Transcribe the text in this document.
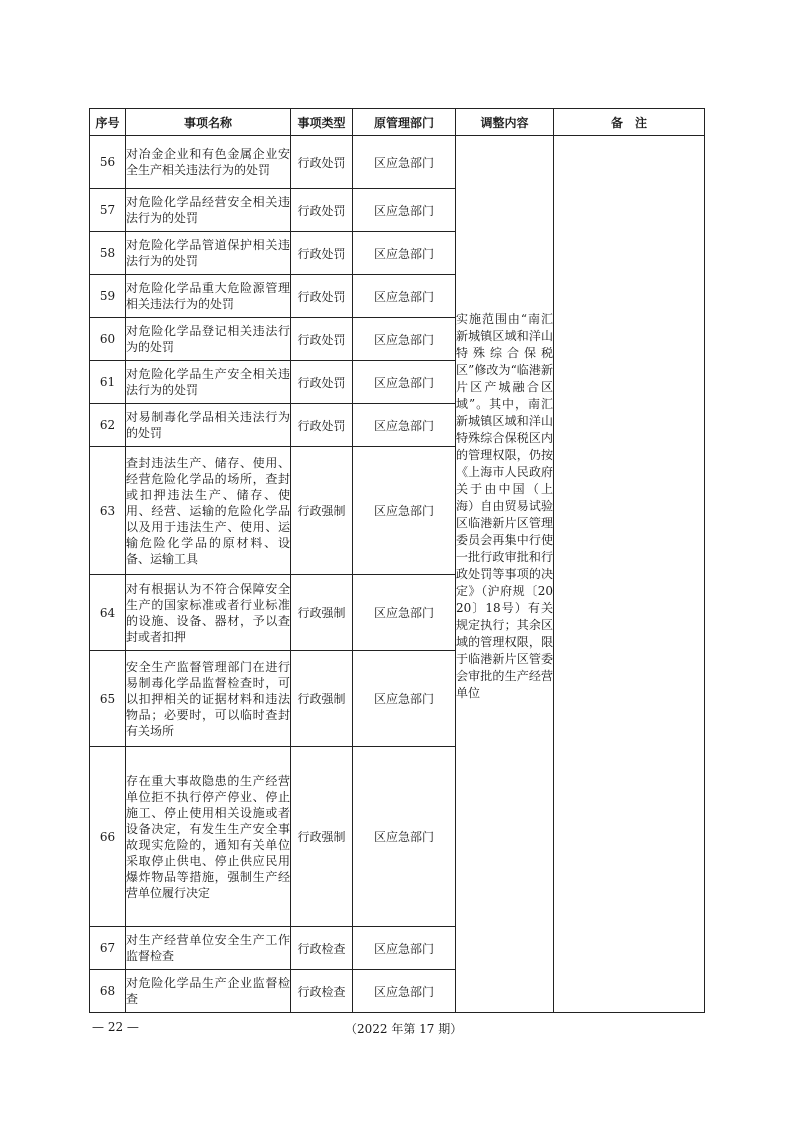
序号	事项名称	事项类型	原管理部门	调整内容	备　注
56	对冶金企业和有色金属企业安全生产相关违法行为的处罚	行政处罚	区应急部门	实施范围由“南汇新城镇区域和洋山特殊综合保税区”修改为“临港新片区产城融合区域”。其中，南汇新城镇区域和洋山特殊综合保税区内的管理权限，仍按《上海市人民政府关于由中国（上海）自由贸易试验区临港新片区管理委员会再集中行使一批行政审批和行政处罚等事项的决定》（沪府规〔2020〕18号）有关规定执行；其余区域的管理权限，限于临港新片区管委会审批的生产经营单位	

57	对危险化学品经营安全相关违法行为的处罚	行政处罚	区应急部门		
58	对危险化学品管道保护相关违法行为的处罚	行政处罚	区应急部门		
59	对危险化学品重大危险源管理相关违法行为的处罚	行政处罚	区应急部门		
60	对危险化学品登记相关违法行为的处罚	行政处罚	区应急部门		
61	对危险化学品生产安全相关违法行为的处罚	行政处罚	区应急部门		
62	对易制毒化学品相关违法行为的处罚	行政处罚	区应急部门		
63	查封违法生产、储存、使用、经营危险化学品的场所，查封或扣押违法生产、储存、使用、经营、运输的危险化学品以及用于违法生产、使用、运输危险化学品的原材料、设备、运输工具	行政强制	区应急部门		
64	对有根据认为不符合保障安全生产的国家标准或者行业标准的设施、设备、器材，予以查封或者扣押	行政强制	区应急部门		
65	安全生产监督管理部门在进行易制毒化学品监督检查时，可以扣押相关的证据材料和违法物品；必要时，可以临时查封有关场所	行政强制	区应急部门		
66	存在重大事故隐患的生产经营单位拒不执行停产停业、停止施工、停止使用相关设施或者设备决定，有发生生产安全事故现实危险的，通知有关单位采取停止供电、停止供应民用爆炸物品等措施，强制生产经营单位履行决定	行政强制	区应急部门		
67	对生产经营单位安全生产工作监督检查	行政检查	区应急部门		
68	对危险化学品生产企业监督检查	行政检查	区应急部门		
— 22 —	（2022 年第 17 期）
